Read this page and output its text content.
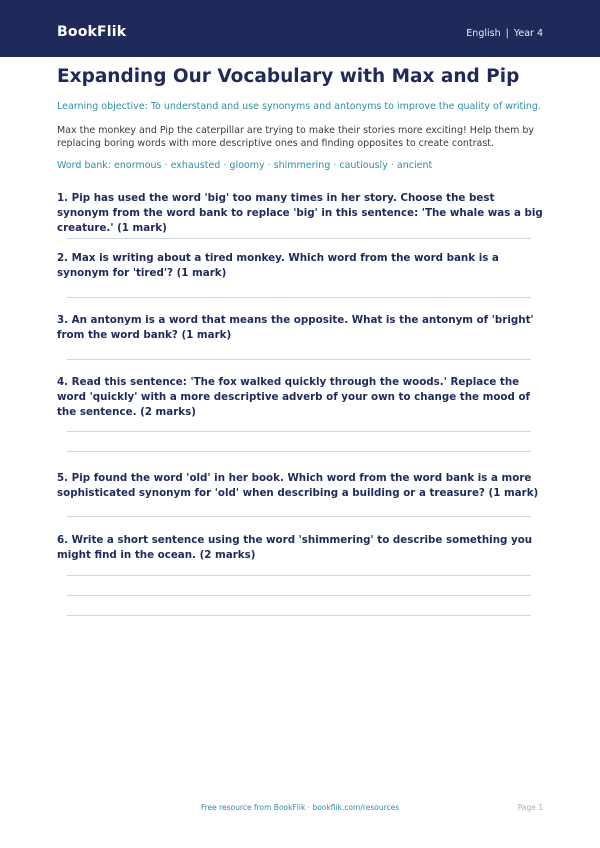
BookFlik	English | Year 4
Expanding Our Vocabulary with Max and Pip
Learning objective: To understand and use synonyms and antonyms to improve the quality of writing.
Max the monkey and Pip the caterpillar are trying to make their stories more exciting! Help them by replacing boring words with more descriptive ones and finding opposites to create contrast.
Word bank: enormous · exhausted · gloomy · shimmering · cautiously · ancient

1. Pip has used the word 'big' too many times in her story. Choose the best synonym from the word bank to replace 'big' in this sentence: 'The whale was a big creature.' (1 mark)

2. Max is writing about a tired monkey. Which word from the word bank is a synonym for 'tired'? (1 mark)

3. An antonym is a word that means the opposite. What is the antonym of 'bright' from the word bank? (1 mark)

4. Read this sentence: 'The fox walked quickly through the woods.' Replace the word 'quickly' with a more descriptive adverb of your own to change the mood of the sentence. (2 marks)

5. Pip found the word 'old' in her book. Which word from the word bank is a more sophisticated synonym for 'old' when describing a building or a treasure? (1 mark)

6. Write a short sentence using the word 'shimmering' to describe something you might find in the ocean. (2 marks)

Free resource from BookFlik · bookflik.com/resources	Page 1
